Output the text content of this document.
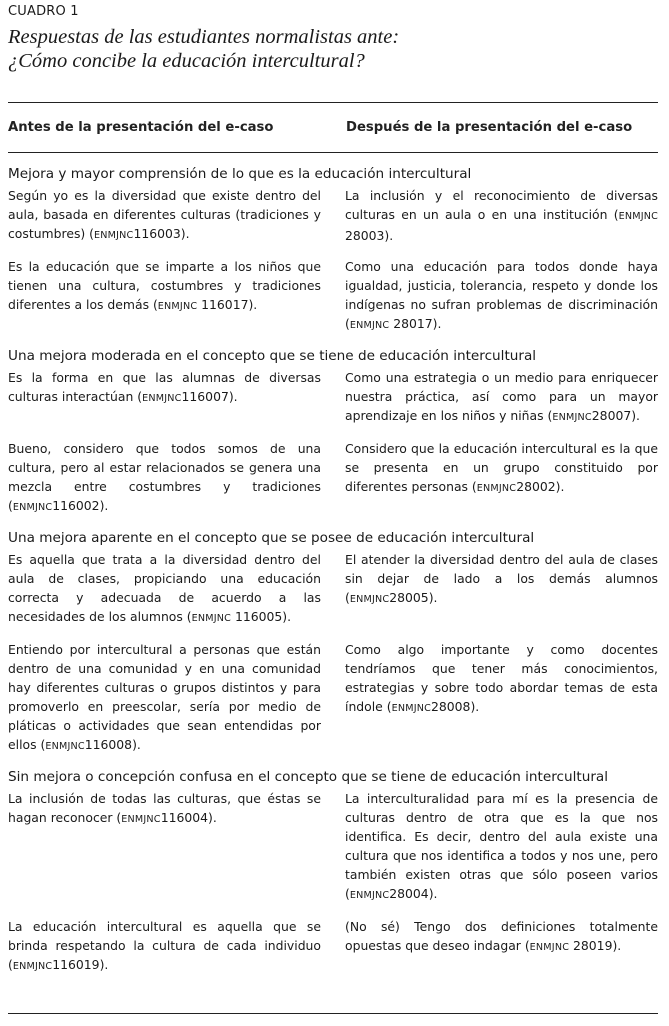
CUADRO 1
Respuestas de las estudiantes normalistas ante:
¿Cómo concibe la educación intercultural?
Antes de la presentación del e-caso	Después de la presentación del e-caso
Mejora y mayor comprensión de lo que es la educación intercultural
Según yo es la diversidad que existe dentro del aula, basada en diferentes culturas (tradiciones y costumbres) (ENMJNC116003).
La inclusión y el reconocimiento de diversas culturas en un aula o en una institución (ENMJNC 28003).
Es la educación que se imparte a los niños que tienen una cultura, costumbres y tradiciones diferentes a los demás (ENMJNC 116017).
Como una educación para todos donde haya igualdad, justicia, tolerancia, respeto y donde los indígenas no sufran problemas de discriminación (ENMJNC 28017).
Una mejora moderada en el concepto que se tiene de educación intercultural
Es la forma en que las alumnas de diversas culturas interactúan (ENMJNC116007).
Como una estrategia o un medio para enriquecer nuestra práctica, así como para un mayor aprendizaje en los niños y niñas (ENMJNC28007).
Bueno, considero que todos somos de una cultura, pero al estar relacionados se genera una mezcla entre costumbres y tradiciones (ENMJNC116002).
Considero que la educación intercultural es la que se presenta en un grupo constituido por diferentes personas (ENMJNC28002).
Una mejora aparente en el concepto que se posee de educación intercultural
Es aquella que trata a la diversidad dentro del aula de clases, propiciando una educación correcta y adecuada de acuerdo a las necesidades de los alumnos (ENMJNC 116005).
El atender la diversidad dentro del aula de clases sin dejar de lado a los demás alumnos (ENMJNC28005).
Entiendo por intercultural a personas que están dentro de una comunidad y en una comunidad hay diferentes culturas o grupos distintos y para promoverlo en preescolar, sería por medio de pláticas o actividades que sean entendidas por ellos (ENMJNC116008).
Como algo importante y como docentes tendríamos que tener más conocimientos, estrategias y sobre todo abordar temas de esta índole (ENMJNC28008).
Sin mejora o concepción confusa en el concepto que se tiene de educación intercultural
La inclusión de todas las culturas, que éstas se hagan reconocer (ENMJNC116004).
La interculturalidad para mí es la presencia de culturas dentro de otra que es la que nos identifica. Es decir, dentro del aula existe una cultura que nos identifica a todos y nos une, pero también existen otras que sólo poseen varios (ENMJNC28004).
La educación intercultural es aquella que se brinda respetando la cultura de cada individuo (ENMJNC116019).
(No sé) Tengo dos definiciones totalmente opuestas que deseo indagar (ENMJNC 28019).
